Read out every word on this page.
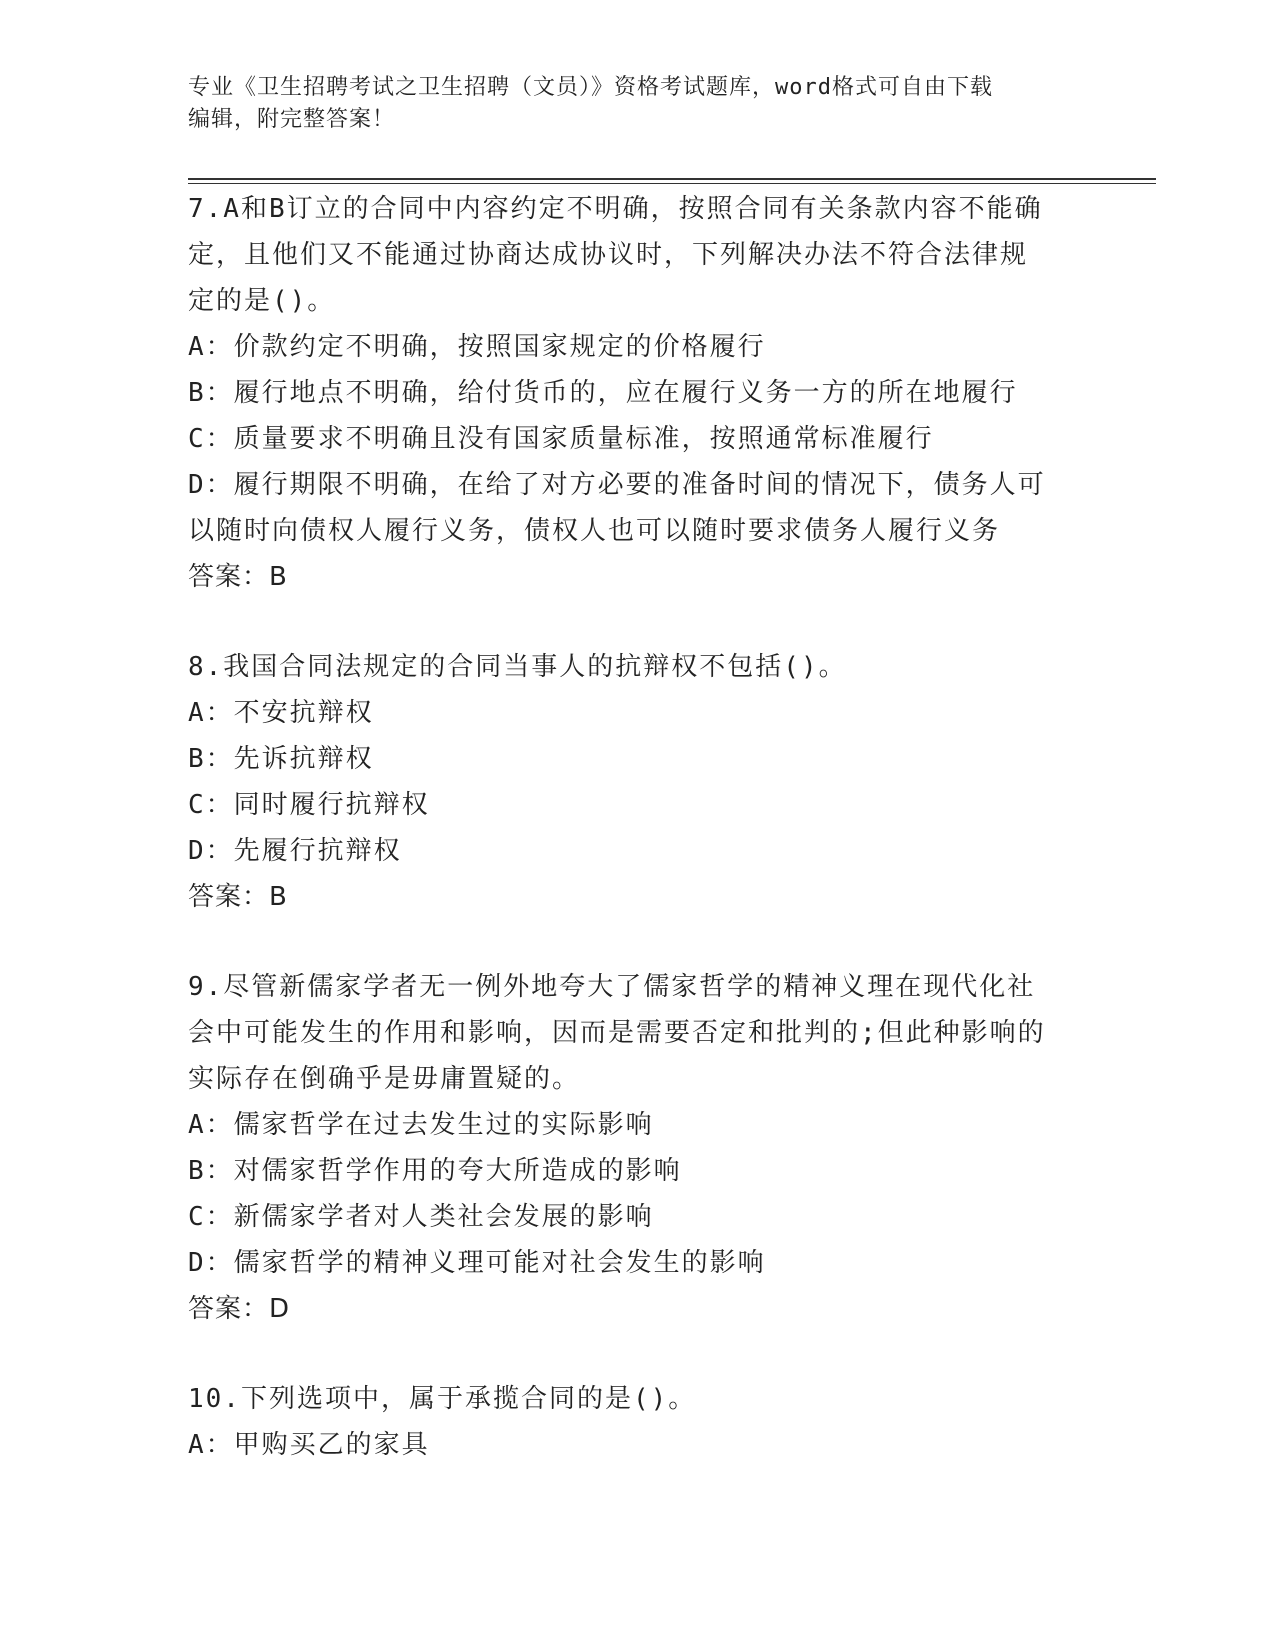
专业《卫生招聘考试之卫生招聘（文员）》资格考试题库，word格式可自由下载
编辑，附完整答案！
7.A和B订立的合同中内容约定不明确，按照合同有关条款内容不能确
定，且他们又不能通过协商达成协议时，下列解决办法不符合法律规
定的是()。
A：价款约定不明确，按照国家规定的价格履行
B：履行地点不明确，给付货币的，应在履行义务一方的所在地履行
C：质量要求不明确且没有国家质量标准，按照通常标准履行
D：履行期限不明确，在给了对方必要的准备时间的情况下，债务人可
以随时向债权人履行义务，债权人也可以随时要求债务人履行义务
答案：B
8.我国合同法规定的合同当事人的抗辩权不包括()。
A：不安抗辩权
B：先诉抗辩权
C：同时履行抗辩权
D：先履行抗辩权
答案：B
9.尽管新儒家学者无一例外地夸大了儒家哲学的精神义理在现代化社
会中可能发生的作用和影响，因而是需要否定和批判的;但此种影响的
实际存在倒确乎是毋庸置疑的。
A：儒家哲学在过去发生过的实际影响
B：对儒家哲学作用的夸大所造成的影响
C：新儒家学者对人类社会发展的影响
D：儒家哲学的精神义理可能对社会发生的影响
答案：D
10.下列选项中，属于承揽合同的是()。
A：甲购买乙的家具
